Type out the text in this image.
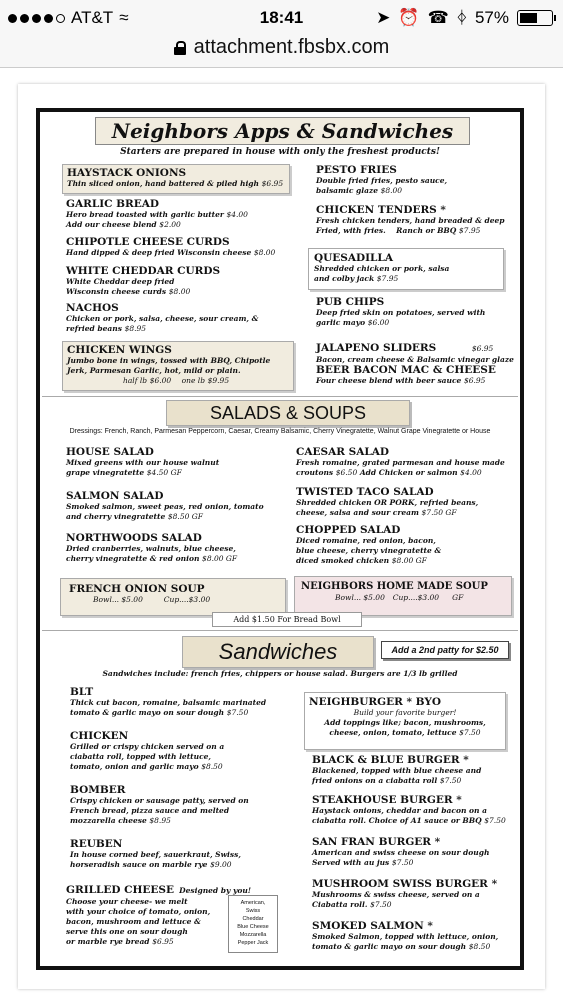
AT&T ≈	18:41	➤ ⏰ ☎ ᛄ 57%
attachment.fbsbx.com
Neighbors Apps & Sandwiches
Starters are prepared in house with only the freshest products!
HAYSTACK ONIONS
Thin sliced onion, hand battered & piled high $6.95
GARLIC BREAD
Hero bread toasted with garlic butter $4.00
Add our cheese blend $2.00
CHIPOTLE CHEESE CURDS
Hand dipped & deep fried Wisconsin cheese $8.00
WHITE CHEDDAR CURDS
White Cheddar deep fried
Wisconsin cheese curds $8.00
NACHOS
Chicken or pork, salsa, cheese, sour cream, &
refried beans $8.95
CHICKEN WINGS
Jumbo bone in wings, tossed with BBQ, Chipotle
Jerk, Parmesan Garlic, hot, mild or plain.
half lb $6.00 one lb $9.95
PESTO FRIES
Double fried fries, pesto sauce,
balsamic glaze $8.00
CHICKEN TENDERS *
Fresh chicken tenders, hand breaded & deep
Fried, with fries. Ranch or BBQ $7.95
QUESADILLA
Shredded chicken or pork, salsa
and colby jack $7.95
PUB CHIPS
Deep fried skin on potatoes, served with
garlic mayo $6.00
JALAPENO SLIDERS	$6.95
Bacon, cream cheese & Balsamic vinegar glaze
BEER BACON MAC & CHEESE
Four cheese blend with beer sauce $6.95
SALADS & SOUPS
Dressings: French, Ranch, Parmesan Peppercorn, Caesar, Creamy Balsamic, Cherry Vinegratette, Walnut Grape Vinegratette or House
HOUSE SALAD
Mixed greens with our house walnut
grape vinegratette $4.50 GF
SALMON SALAD
Smoked salmon, sweet peas, red onion, tomato
and cherry vinegratette $8.50 GF
NORTHWOODS SALAD
Dried cranberries, walnuts, blue cheese,
cherry vinegratette & red onion $8.00 GF
CAESAR SALAD
Fresh romaine, grated parmesan and house made
croutons $6.50 Add Chicken or salmon $4.00
TWISTED TACO SALAD
Shredded chicken OR PORK, refried beans,
cheese, salsa and sour cream $7.50 GF
CHOPPED SALAD
Diced romaine, red onion, bacon,
blue cheese, cherry vinegratette &
diced smoked chicken $8.00 GF
FRENCH ONION SOUP
Bowl... $5.00	Cup....$3.00
NEIGHBORS HOME MADE SOUP
Bowl... $5.00 Cup....$3.00 GF
Add $1.50 For Bread Bowl
Sandwiches	Add a 2nd patty for $2.50
Sandwiches include: french fries, chippers or house salad. Burgers are 1/3 lb grilled
BLT
Thick cut bacon, romaine, balsamic marinated
tomato & garlic mayo on sour dough $7.50
CHICKEN
Grilled or crispy chicken served on a
ciabatta roll, topped with lettuce,
tomato, onion and garlic mayo $8.50
BOMBER
Crispy chicken or sausage patty, served on
French bread, pizza sauce and melted
mozzarella cheese $8.95
REUBEN
In house corned beef, sauerkraut, Swiss,
horseradish sauce on marble rye $9.00
GRILLED CHEESE Designed by you!
Choose your cheese- we melt
with your choice of tomato, onion,
bacon, mushroom and lettuce &
serve this one on sour dough
or marble rye bread $6.95
American,
Swiss
Cheddar
Blue Cheese
Mozzarella
Pepper Jack
NEIGHBURGER * BYO
Build your favorite burger!
Add toppings like; bacon, mushrooms,
cheese, onion, tomato, lettuce $7.50
BLACK & BLUE BURGER *
Blackened, topped with blue cheese and
fried onions on a ciabatta roll $7.50
STEAKHOUSE BURGER *
Haystack onions, cheddar and bacon on a
ciabatta roll. Choice of A1 sauce or BBQ $7.50
SAN FRAN BURGER *
American and swiss cheese on sour dough
Served with au jus $7.50
MUSHROOM SWISS BURGER *
Mushrooms & swiss cheese, served on a
Ciabatta roll. $7.50
SMOKED SALMON *
Smoked Salmon, topped with lettuce, onion,
tomato & garlic mayo on sour dough $8.50
